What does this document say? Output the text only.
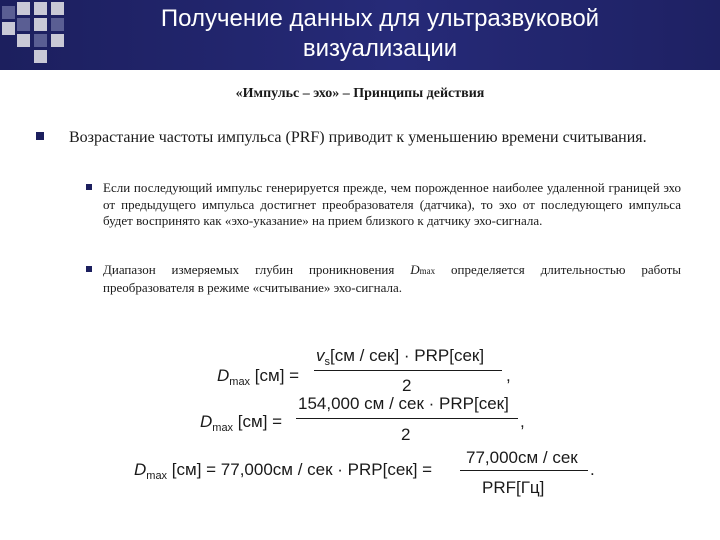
Получение данных для ультразвуковой
визуализации
«Импульс – эхо» – Принципы действия
Возрастание частоты импульса (PRF) приводит к уменьшению времени считывания.
Если последующий импульс генерируется прежде, чем порожденное наиболее удаленной границей эхо от предыдущего импульса достигнет преобразователя (датчика), то эхо от последующего импульса будет воспринято как «эхо-указание» на прием близкого к датчику эхо-сигнала.
Диапазон измеряемых глубин проникновения Dmax определяется длительностью работы преобразователя в режиме «считывание» эхо-сигнала.
$D_{max}$ [см] =
$v_s[см / сек] \cdot PRP[сек]$
2
,
$D_{max}$ [см] =
154,000 см / сек · PRP[сек]
2
,
$D_{max}$ [см] = 77,000см / сек · PRP[сек] =
77,000см / сек
PRF[Гц]
.
